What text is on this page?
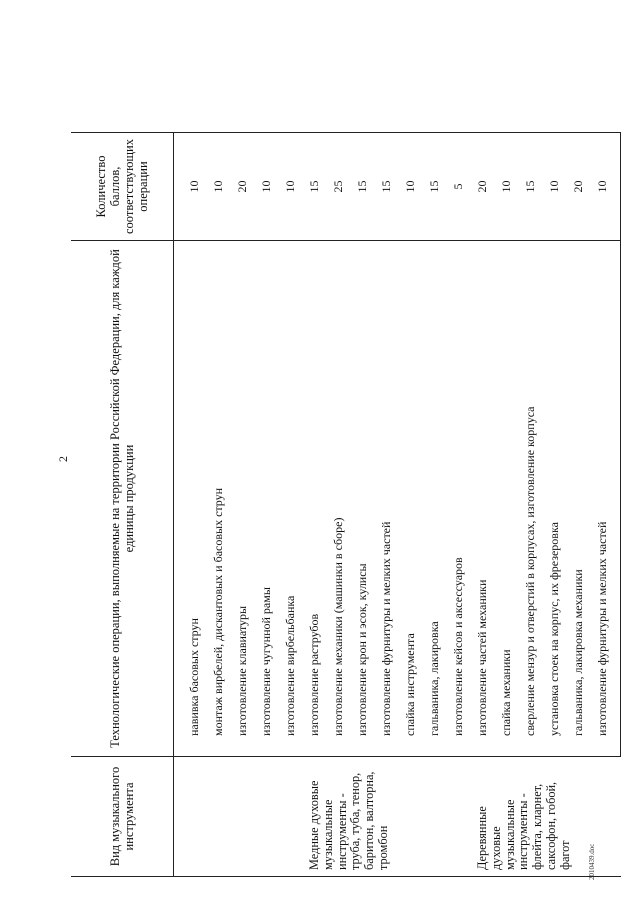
2
Вид музыкального инструмента	Технологические операции, выполняемые на территории Российской Федерации, для каждой единицы продукции	Количество баллов, соответствующих операции

	навивка басовых струн	10
	монтаж вирбелей, дискантовых и басовых струн	10
	изготовление клавиатуры	20
	изготовление чугунной рамы	10
	изготовление вирбельбанка	10
Медные духовые музыкальные инструменты - труба, туба, тенор, баритон, валторна, тромбон	изготовление раструбов	15
	изготовление механики (машинки в сборе)	25
	изготовление крон и эсок, кулисы	15
	изготовление фурнитуры и мелких частей	15
	спайка инструмента	10
	гальваника, лакировка	15
	изготовление кейсов и аксессуаров	5
Деревянные духовые музыкальные инструменты - флейта, кларнет, саксофон, гобой, фагот	изготовление частей механики	20
	спайка механики	10
	сверление мензур и отверстий в корпусах, изготовление корпуса	15
	установка стоек на корпус, их фрезеровка	10
	гальваника, лакировка механики	20
	изготовление фурнитуры и мелких частей	10
2010439.doc
